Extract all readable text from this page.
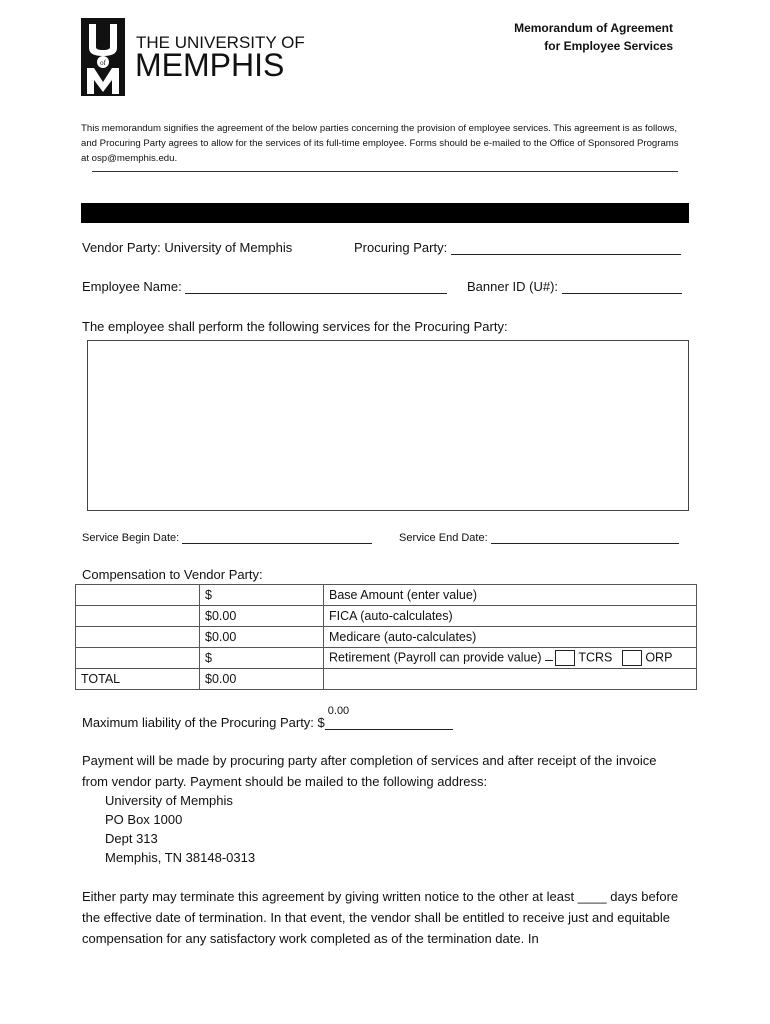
of
THE UNIVERSITY OF
MEMPHIS
Memorandum of Agreement
for Employee Services
This memorandum signifies the agreement of the below parties concerning the provision of employee services. This agreement is as follows, and Procuring Party agrees to allow for the services of its full-time employee. Forms should be e-mailed to the Office of Sponsored Programs at osp@memphis.edu.
Vendor Party: University of Memphis	Procuring Party:
Employee Name:	Banner ID (U#):
The employee shall perform the following services for the Procuring Party:
Service Begin Date:	Service End Date:
Compensation to Vendor Party:
	$	Base Amount (enter value)
	$0.00	FICA (auto-calculates)
	$0.00	Medicare (auto-calculates)
	$	Retirement (Payroll can provide value) TCRS ORP
TOTAL	$0.00	
Maximum liability of the Procuring Party: $
0.00
Payment will be made by procuring party after completion of services and after receipt of the invoice from vendor party. Payment should be mailed to the following address:
University of Memphis
PO Box 1000
Dept 313
Memphis, TN 38148-0313
Either party may terminate this agreement by giving written notice to the other at least ____ days before the effective date of termination. In that event, the vendor shall be entitled to receive just and equitable compensation for any satisfactory work completed as of the termination date. In
